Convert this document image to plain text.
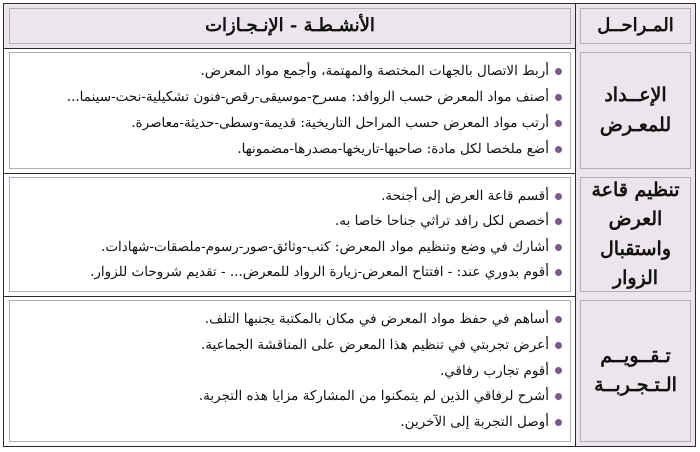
المـراحــل
الأنشـطـة - الإنـجـازات
الإعــداد للمعـرض
أربط الاتصال بالجهات المختصة والمهتمة، وأجمع مواد المعرض.
أصنف مواد المعرض حسب الروافد: مسرح-موسيقى-رقص-فنون تشكيلية-نحت-سينما...
أرتب مواد المعرض حسب المراحل التاريخية: قديمة-وسطى-حديثة-معاصرة.
أضع ملخصا لكل مادة: صاحبها-تاريخها-مصدرها-مضمونها.
تنظيم قاعة العرض واستقبال الزوار
أقسم قاعة العرض إلى أجنحة.
أخصص لكل رافد تراثي جناحا خاصا به.
أشارك في وضع وتنظيم مواد المعرض: كتب-وثائق-صور-رسوم-ملصقات-شهادات.
أقوم بدوري عند: - افتتاح المعرض-زيارة الرواد للمعرض... - تقديم شروحات للزوار.
تـقــويــم الـتـجـربــة
أساهم في حفظ مواد المعرض في مكان بالمكتبة يجنبها التلف.
أعرض تجربتي في تنظيم هذا المعرض على المناقشة الجماعية.
أقوم تجارب رفاقي.
أشرح لرفاقي الذين لم يتمكنوا من المشاركة مزايا هذه التجربة.
أوصل التجربة إلى الآخرين.
